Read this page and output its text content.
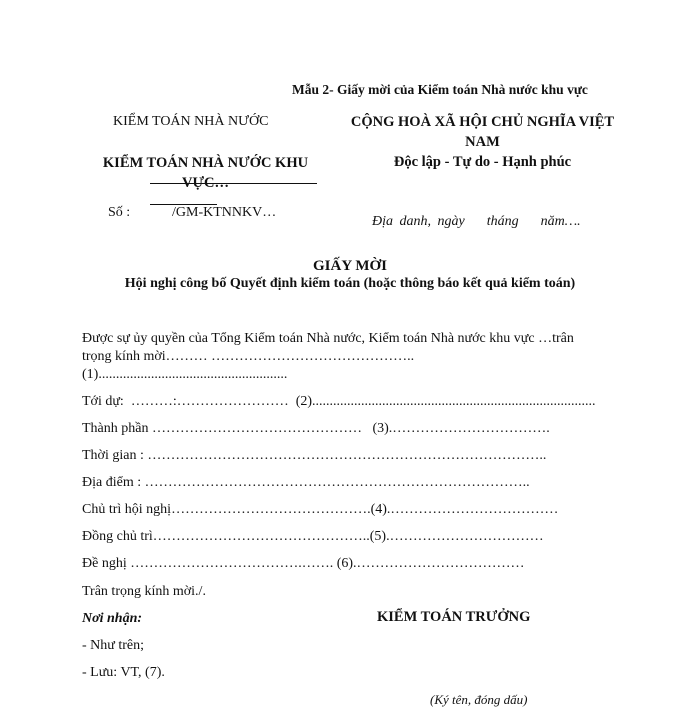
Mẫu 2- Giấy mời của Kiểm toán Nhà nước khu vực
KIỂM TOÁN NHÀ NƯỚC	CỘNG HOÀ XÃ HỘI CHỦ NGHĨA VIỆT
NAM
KIỂM TOÁN NHÀ NƯỚC KHU
VỰC…
Độc lập - Tự do - Hạnh phúc
Số :	/GM-KTNNKV…
Địa danh, ngày tháng năm….
GIẤY MỜI
Hội nghị công bố Quyết định kiểm toán (hoặc thông báo kết quả kiểm toán)
Được sự ủy quyền của Tổng Kiểm toán Nhà nước, Kiểm toán Nhà nước khu vực …trân
trọng kính mời……… ……………………………………..
(1)......................................................
Tới dự:  ………:……………………  (2).................................................................................
Thành phần ………………………………………   (3).…………………………….
Thời gian : …………………………………………………………………………..
Địa điểm : ………………………………………………………………………..
Chủ trì hội nghị…………………………………….(4).………………………………
Đồng chủ trì………………………………………..(5).……………………………
Đề nghị ……………………………….……. (6).………………………………
Trân trọng kính mời./.
Nơi nhận:	KIỂM TOÁN TRƯỞNG
- Như trên;
- Lưu: VT, (7).
(Ký tên, đóng dấu)
